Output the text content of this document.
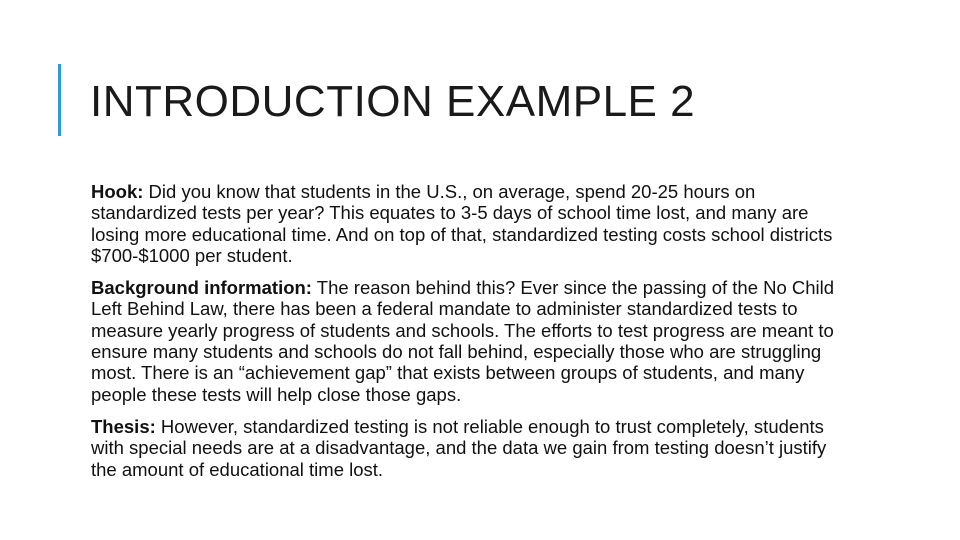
INTRODUCTION EXAMPLE 2

Hook: Did you know that students in the U.S., on average, spend 20-25 hours on standardized tests per year? This equates to 3-5 days of school time lost, and many are losing more educational time. And on top of that, standardized testing costs school districts $700-$1000 per student.

Background information: The reason behind this? Ever since the passing of the No Child Left Behind Law, there has been a federal mandate to administer standardized tests to measure yearly progress of students and schools. The efforts to test progress are meant to ensure many students and schools do not fall behind, especially those who are struggling most. There is an “achievement gap” that exists between groups of students, and many people these tests will help close those gaps.

Thesis: However, standardized testing is not reliable enough to trust completely, students with special needs are at a disadvantage, and the data we gain from testing doesn’t justify the amount of educational time lost.
